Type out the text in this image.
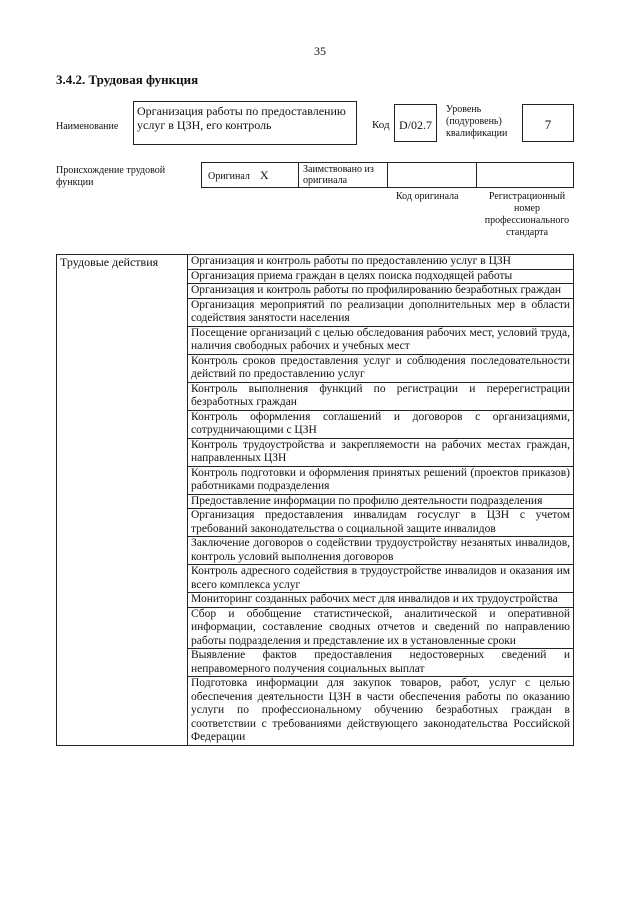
35
3.4.2. Трудовая функция
Наименование
Организация работы по предоставлению услуг в ЦЗН, его контроль	Код D/02.7
Уровень (подуровень) квалификации
7
Происхождение трудовой функции
Оригинал X	Заимствовано из оригинала
Код оригинала	Регистрационный номер профессионального стандарта
Трудовые действия	Организация и контроль работы по предоставлению услуг в ЦЗН
Организация приема граждан в целях поиска подходящей работы
Организация и контроль работы по профилированию безработных граждан
Организация мероприятий по реализации дополнительных мер в области содействия занятости населения
Посещение организаций с целью обследования рабочих мест, условий труда, наличия свободных рабочих и учебных мест
Контроль сроков предоставления услуг и соблюдения последовательности действий по предоставлению услуг
Контроль выполнения функций по регистрации и перерегистрации безработных граждан
Контроль оформления соглашений и договоров с организациями, сотрудничающими с ЦЗН
Контроль трудоустройства и закрепляемости на рабочих местах граждан, направленных ЦЗН
Контроль подготовки и оформления принятых решений (проектов приказов) работниками подразделения
Предоставление информации по профилю деятельности подразделения
Организация предоставления инвалидам госуслуг в ЦЗН с учетом требований законодательства о социальной защите инвалидов
Заключение договоров о содействии трудоустройству незанятых инвалидов, контроль условий выполнения договоров
Контроль адресного содействия в трудоустройстве инвалидов и оказания им всего комплекса услуг
Мониторинг созданных рабочих мест для инвалидов и их трудоустройства
Сбор и обобщение статистической, аналитической и оперативной информации, составление сводных отчетов и сведений по направлению работы подразделения и представление их в установленные сроки
Выявление фактов предоставления недостоверных сведений и неправомерного получения социальных выплат
Подготовка информации для закупок товаров, работ, услуг с целью обеспечения деятельности ЦЗН в части обеспечения работы по оказанию услуги по профессиональному обучению безработных граждан в соответствии с требованиями действующего законодательства Российской Федерации
